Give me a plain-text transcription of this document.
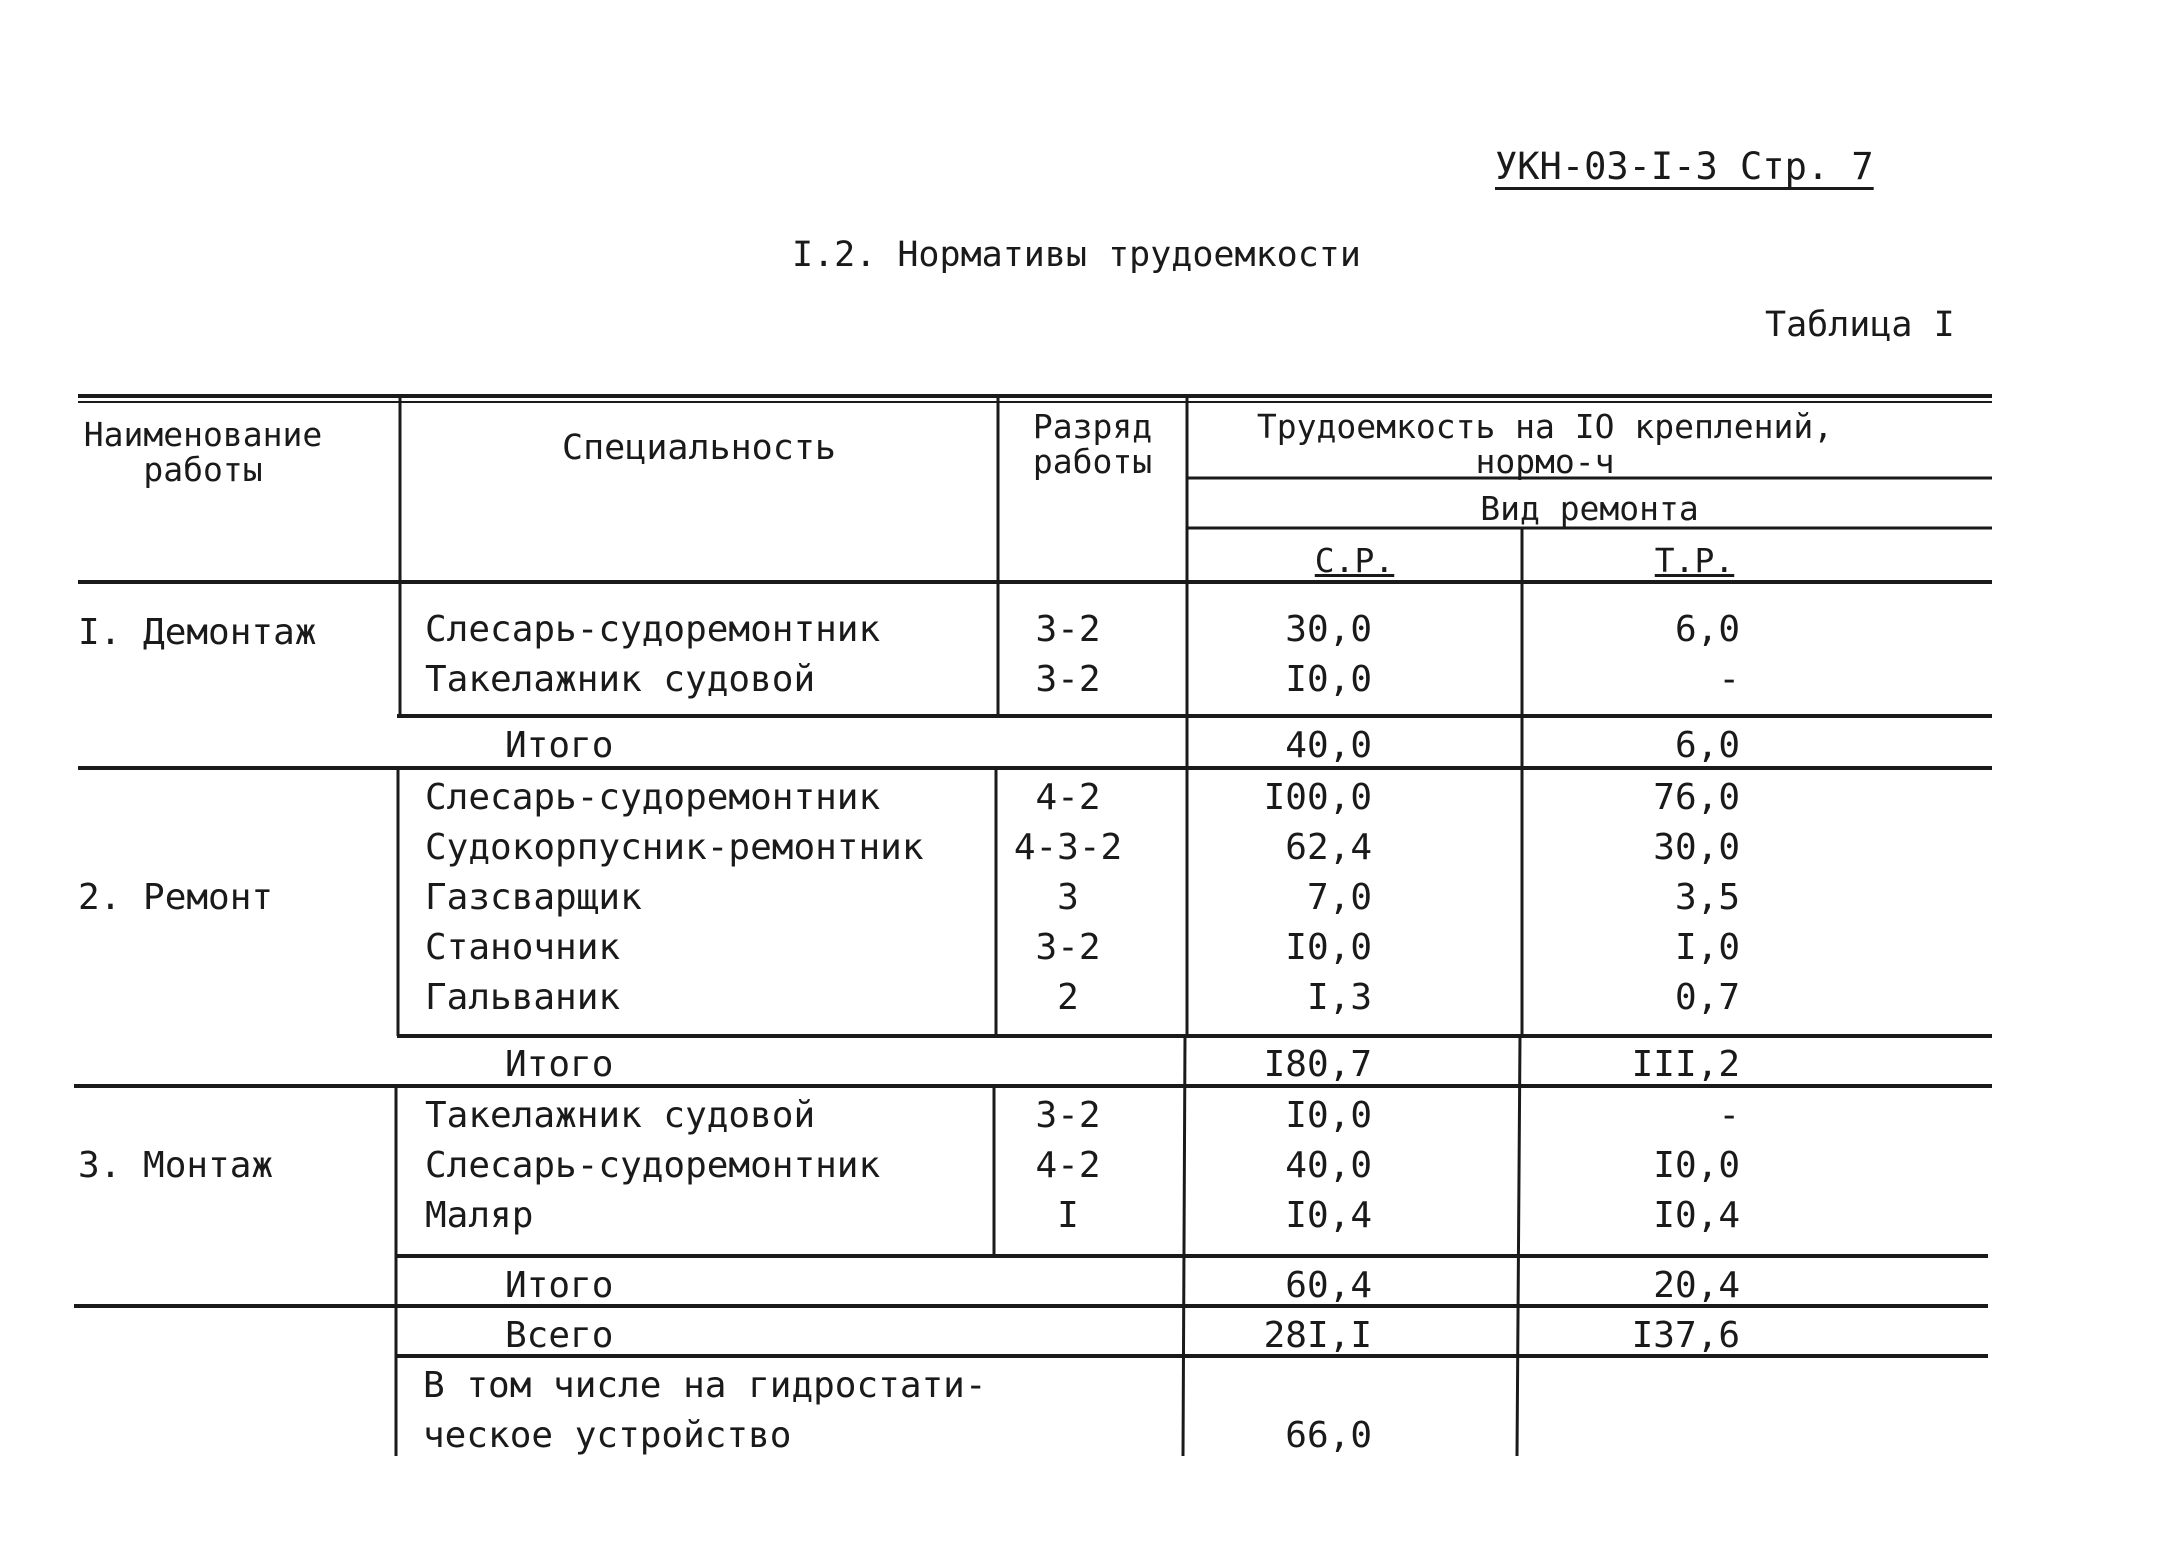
УКН-03-I-3 Стр. 7
I.2. Нормативы трудоемкости
Таблица I
Наименование работы
Специальность
Разряд работы
Трудоемкость на IO креплений, нормо-ч
Вид ремонта
С.Р.	Т.Р.
I. Демонтаж	Слесарь-судоремонтник	3-2	30,0	6,0
Такелажник судовой	3-2	I0,0	-
Итого	40,0	6,0
2. Ремонт
Слесарь-судоремонтник	4-2	I00,0	76,0
Судокорпусник-ремонтник	4-3-2	62,4	30,0
Газсварщик	3	7,0	3,5
Станочник	3-2	I0,0	I,0
Гальваник	2	I,3	0,7
Итого	I80,7	III,2
3. Монтаж
Такелажник судовой	3-2	I0,0	-
Слесарь-судоремонтник	4-2	40,0	I0,0
Маляр	I	I0,4	I0,4
Итого	60,4	20,4
Всего	28I,I	I37,6
В том числе на гидростати-
ческое устройство	66,0
